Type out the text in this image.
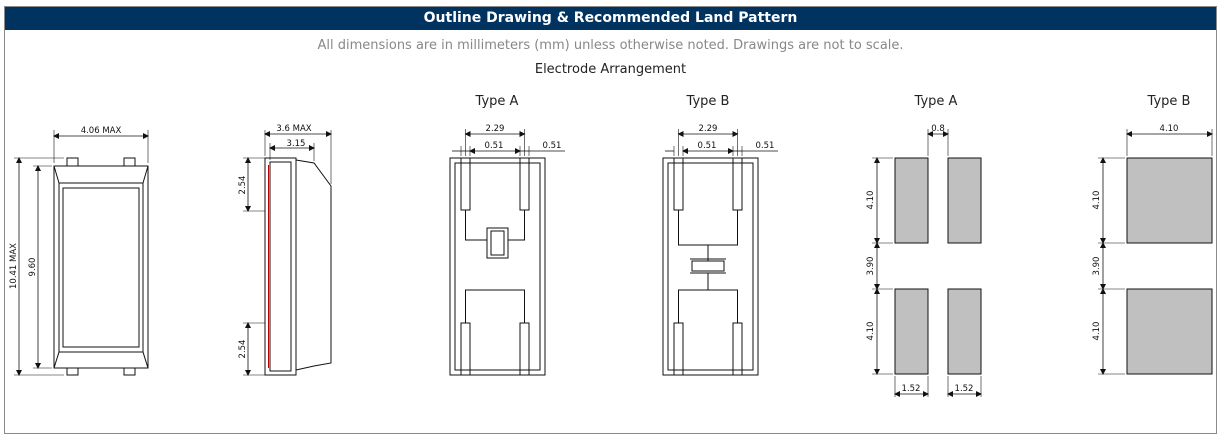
Outline Drawing & Recommended Land Pattern
All dimensions are in millimeters (mm) unless otherwise noted. Drawings are not to scale.
Electrode Arrangement
Type A	Type B	Type A	Type B
4.06 MAX
10.41 MAX 9.60
3.6 MAX
3.15
2.54
2.54
2.29
0.51	0.51
2.29
0.51	0.51
0.8
4.10
3.90
4.10
1.52	1.52
4.10
4.10
3.90
4.10
